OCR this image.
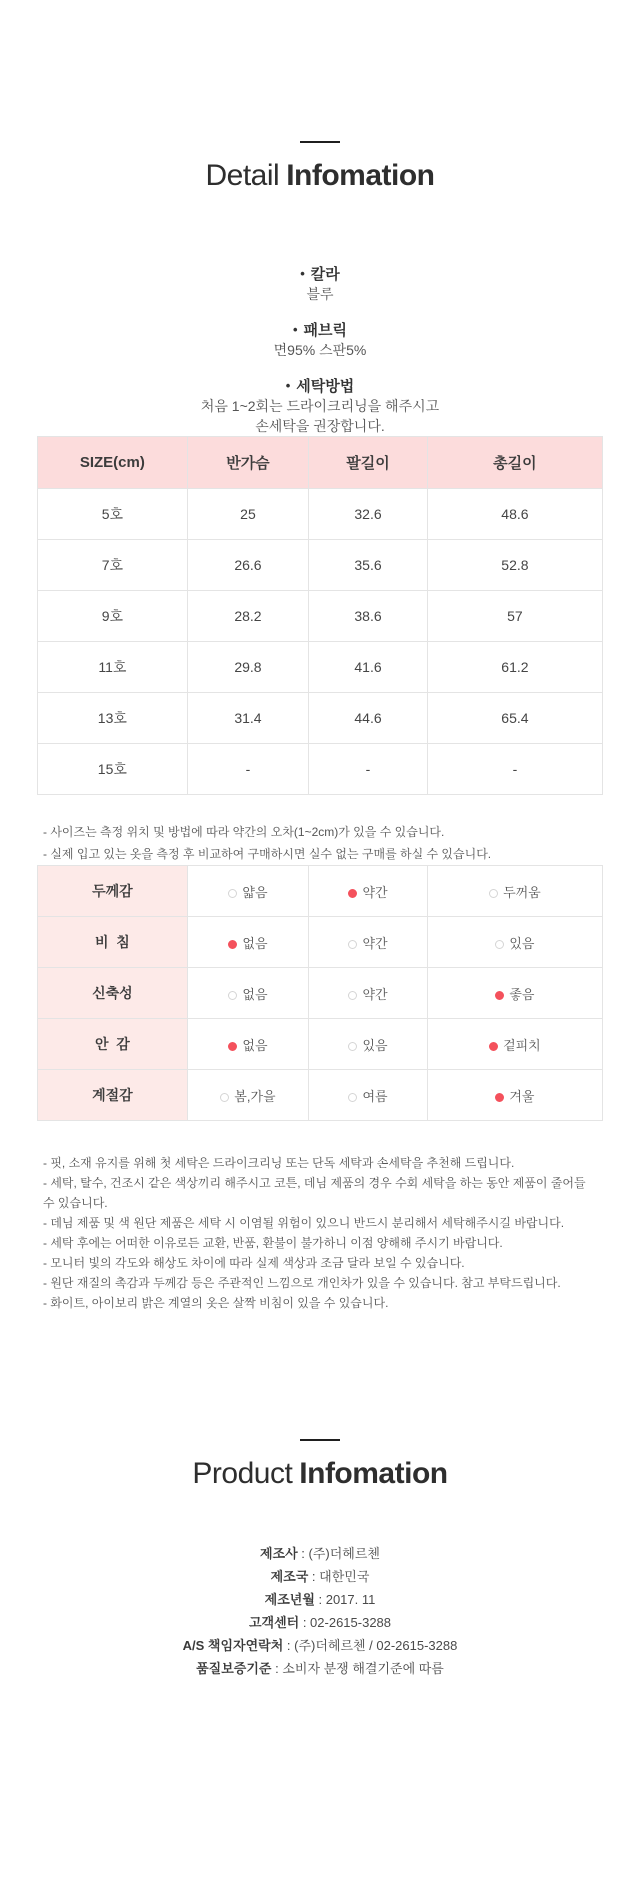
Detail Infomation
• 칼라
블루
• 패브릭
면95% 스판5%
• 세탁방법
처음 1~2회는 드라이크리닝을 해주시고
손세탁을 권장합니다.
SIZE(cm)	반가슴	팔길이	총길이
5호	25	32.6	48.6
7호	26.6	35.6	52.8
9호	28.2	38.6	57
11호	29.8	41.6	61.2
13호	31.4	44.6	65.4
15호	-	-	-
- 사이즈는 측정 위치 및 방법에 따라 약간의 오차(1~2cm)가 있을 수 있습니다.
- 실제 입고 있는 옷을 측정 후 비교하여 구매하시면 실수 없는 구매를 하실 수 있습니다.
두께감	얇음	약간	두꺼움
비  침	없음	약간	있음
신축성	없음	약간	좋음
안  감	없음	있음	겉피치
계절감	봄,가을	여름	겨울
- 핏, 소재 유지를 위해 첫 세탁은 드라이크리닝 또는 단독 세탁과 손세탁을 추천해 드립니다.
- 세탁, 탈수, 건조시 같은 색상끼리 해주시고 코튼, 데님 제품의 경우 수회 세탁을 하는 동안 제품이 줄어들 수 있습니다.
- 데님 제품 및 색 원단 제품은 세탁 시 이염될 위험이 있으니 반드시 분리해서 세탁해주시길 바랍니다.
- 세탁 후에는 어떠한 이유로든 교환, 반품, 환불이 불가하니 이점 양해해 주시기 바랍니다.
- 모니터 빛의 각도와 해상도 차이에 따라 실제 색상과 조금 달라 보일 수 있습니다.
- 원단 재질의 촉감과 두께감 등은 주관적인 느낌으로 개인차가 있을 수 있습니다. 참고 부탁드립니다.
- 화이트, 아이보리 밝은 계열의 옷은 살짝 비침이 있을 수 있습니다.
Product Infomation
제조사 : (주)더헤르첸
제조국 : 대한민국
제조년월 : 2017. 11
고객센터 : 02-2615-3288
A/S 책임자연락처 : (주)더헤르첸 / 02-2615-3288
품질보증기준 : 소비자 분쟁 해결기준에 따름
